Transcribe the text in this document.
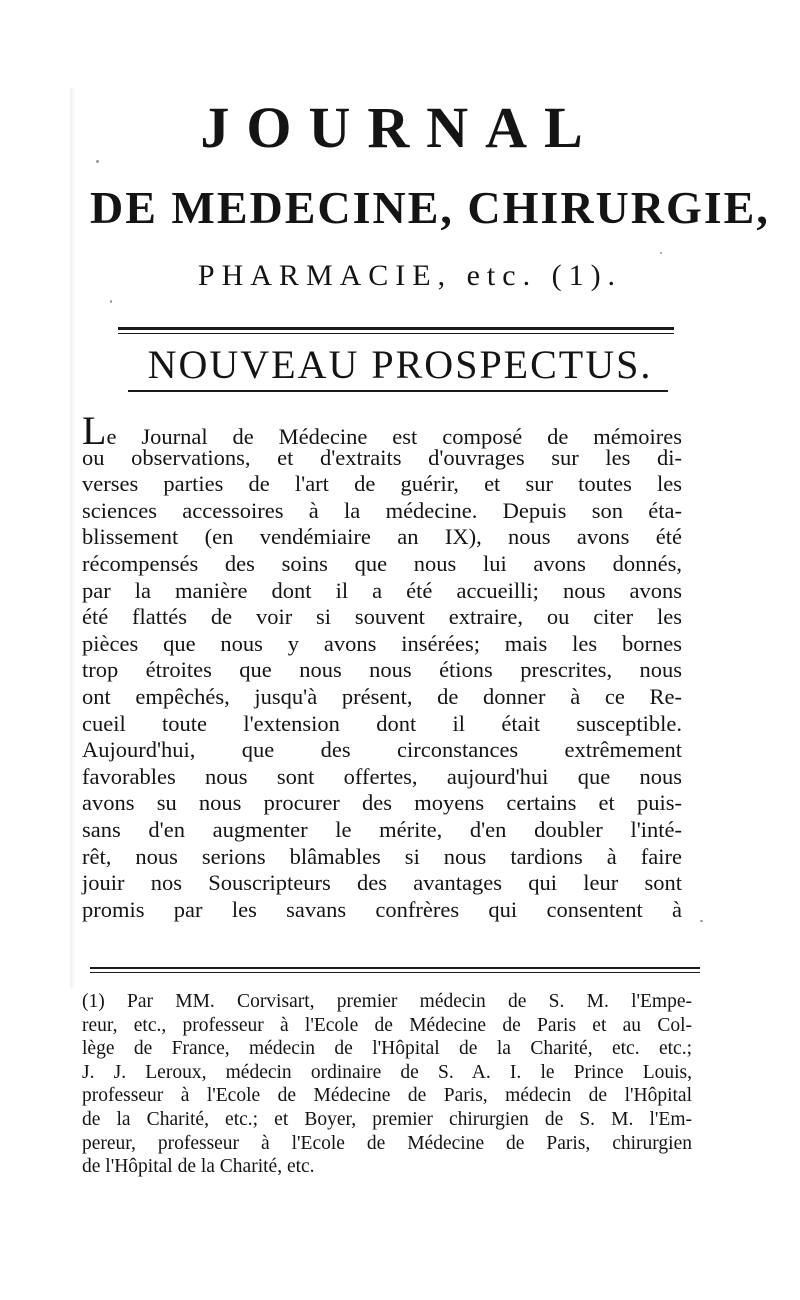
JOURNAL
DE MEDECINE, CHIRURGIE,
PHARMACIE, etc. (1).
NOUVEAU PROSPECTUS.
Le Journal de Médecine est composé de mémoires
ou observations, et d'extraits d'ouvrages sur les di-
verses parties de l'art de guérir, et sur toutes les
sciences accessoires à la médecine. Depuis son éta-
blissement (en vendémiaire an IX), nous avons été
récompensés des soins que nous lui avons donnés,
par la manière dont il a été accueilli; nous avons
été flattés de voir si souvent extraire, ou citer les
pièces que nous y avons insérées; mais les bornes
trop étroites que nous nous étions prescrites, nous
ont empêchés, jusqu'à présent, de donner à ce Re-
cueil toute l'extension dont il était susceptible.
Aujourd'hui, que des circonstances extrêmement
favorables nous sont offertes, aujourd'hui que nous
avons su nous procurer des moyens certains et puis-
sans d'en augmenter le mérite, d'en doubler l'inté-
rêt, nous serions blâmables si nous tardions à faire
jouir nos Souscripteurs des avantages qui leur sont
promis par les savans confrères qui consentent à
(1) Par MM. Corvisart, premier médecin de S. M. l'Empe-
reur, etc., professeur à l'Ecole de Médecine de Paris et au Col-
lège de France, médecin de l'Hôpital de la Charité, etc. etc.;
J. J. Leroux, médecin ordinaire de S. A. I. le Prince Louis,
professeur à l'Ecole de Médecine de Paris, médecin de l'Hôpital
de la Charité, etc.; et Boyer, premier chirurgien de S. M. l'Em-
pereur, professeur à l'Ecole de Médecine de Paris, chirurgien
de l'Hôpital de la Charité, etc.
